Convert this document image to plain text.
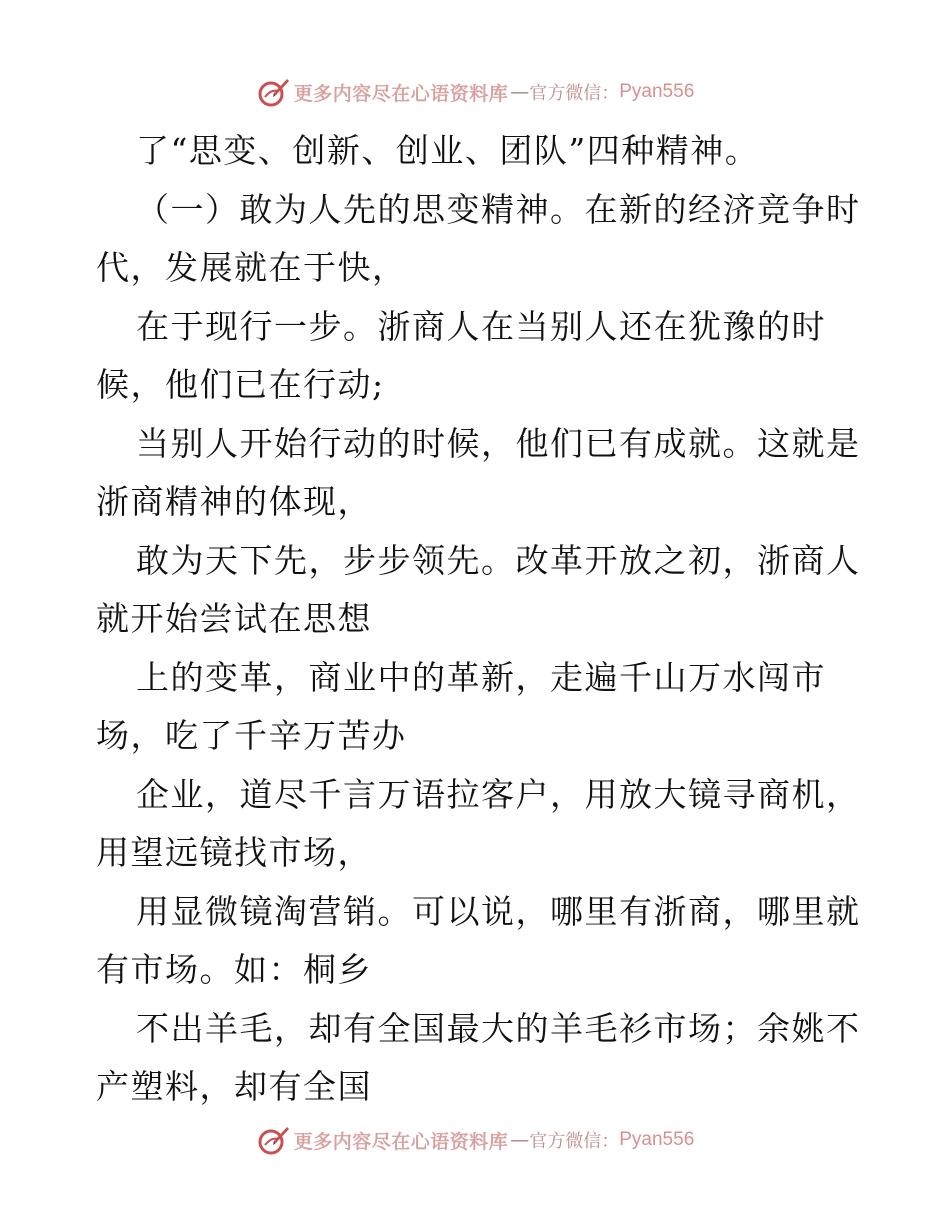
更多内容尽在心语资料库 — 官方微信： Pyan556
了“思变、创新、创业、团队”四种精神。
（一）敢为人先的思变精神。在新的经济竞争时
代，发展就在于快，
在于现行一步。浙商人在当别人还在犹豫的时
候，他们已在行动;
当别人开始行动的时候，他们已有成就。这就是
浙商精神的体现，
敢为天下先，步步领先。改革开放之初，浙商人
就开始尝试在思想
上的变革，商业中的革新，走遍千山万水闯市
场，吃了千辛万苦办
企业，道尽千言万语拉客户，用放大镜寻商机，
用望远镜找市场，
用显微镜淘营销。可以说，哪里有浙商，哪里就
有市场。如：桐乡
不出羊毛，却有全国最大的羊毛衫市场；余姚不
产塑料，却有全国
更多内容尽在心语资料库 — 官方微信： Pyan556
